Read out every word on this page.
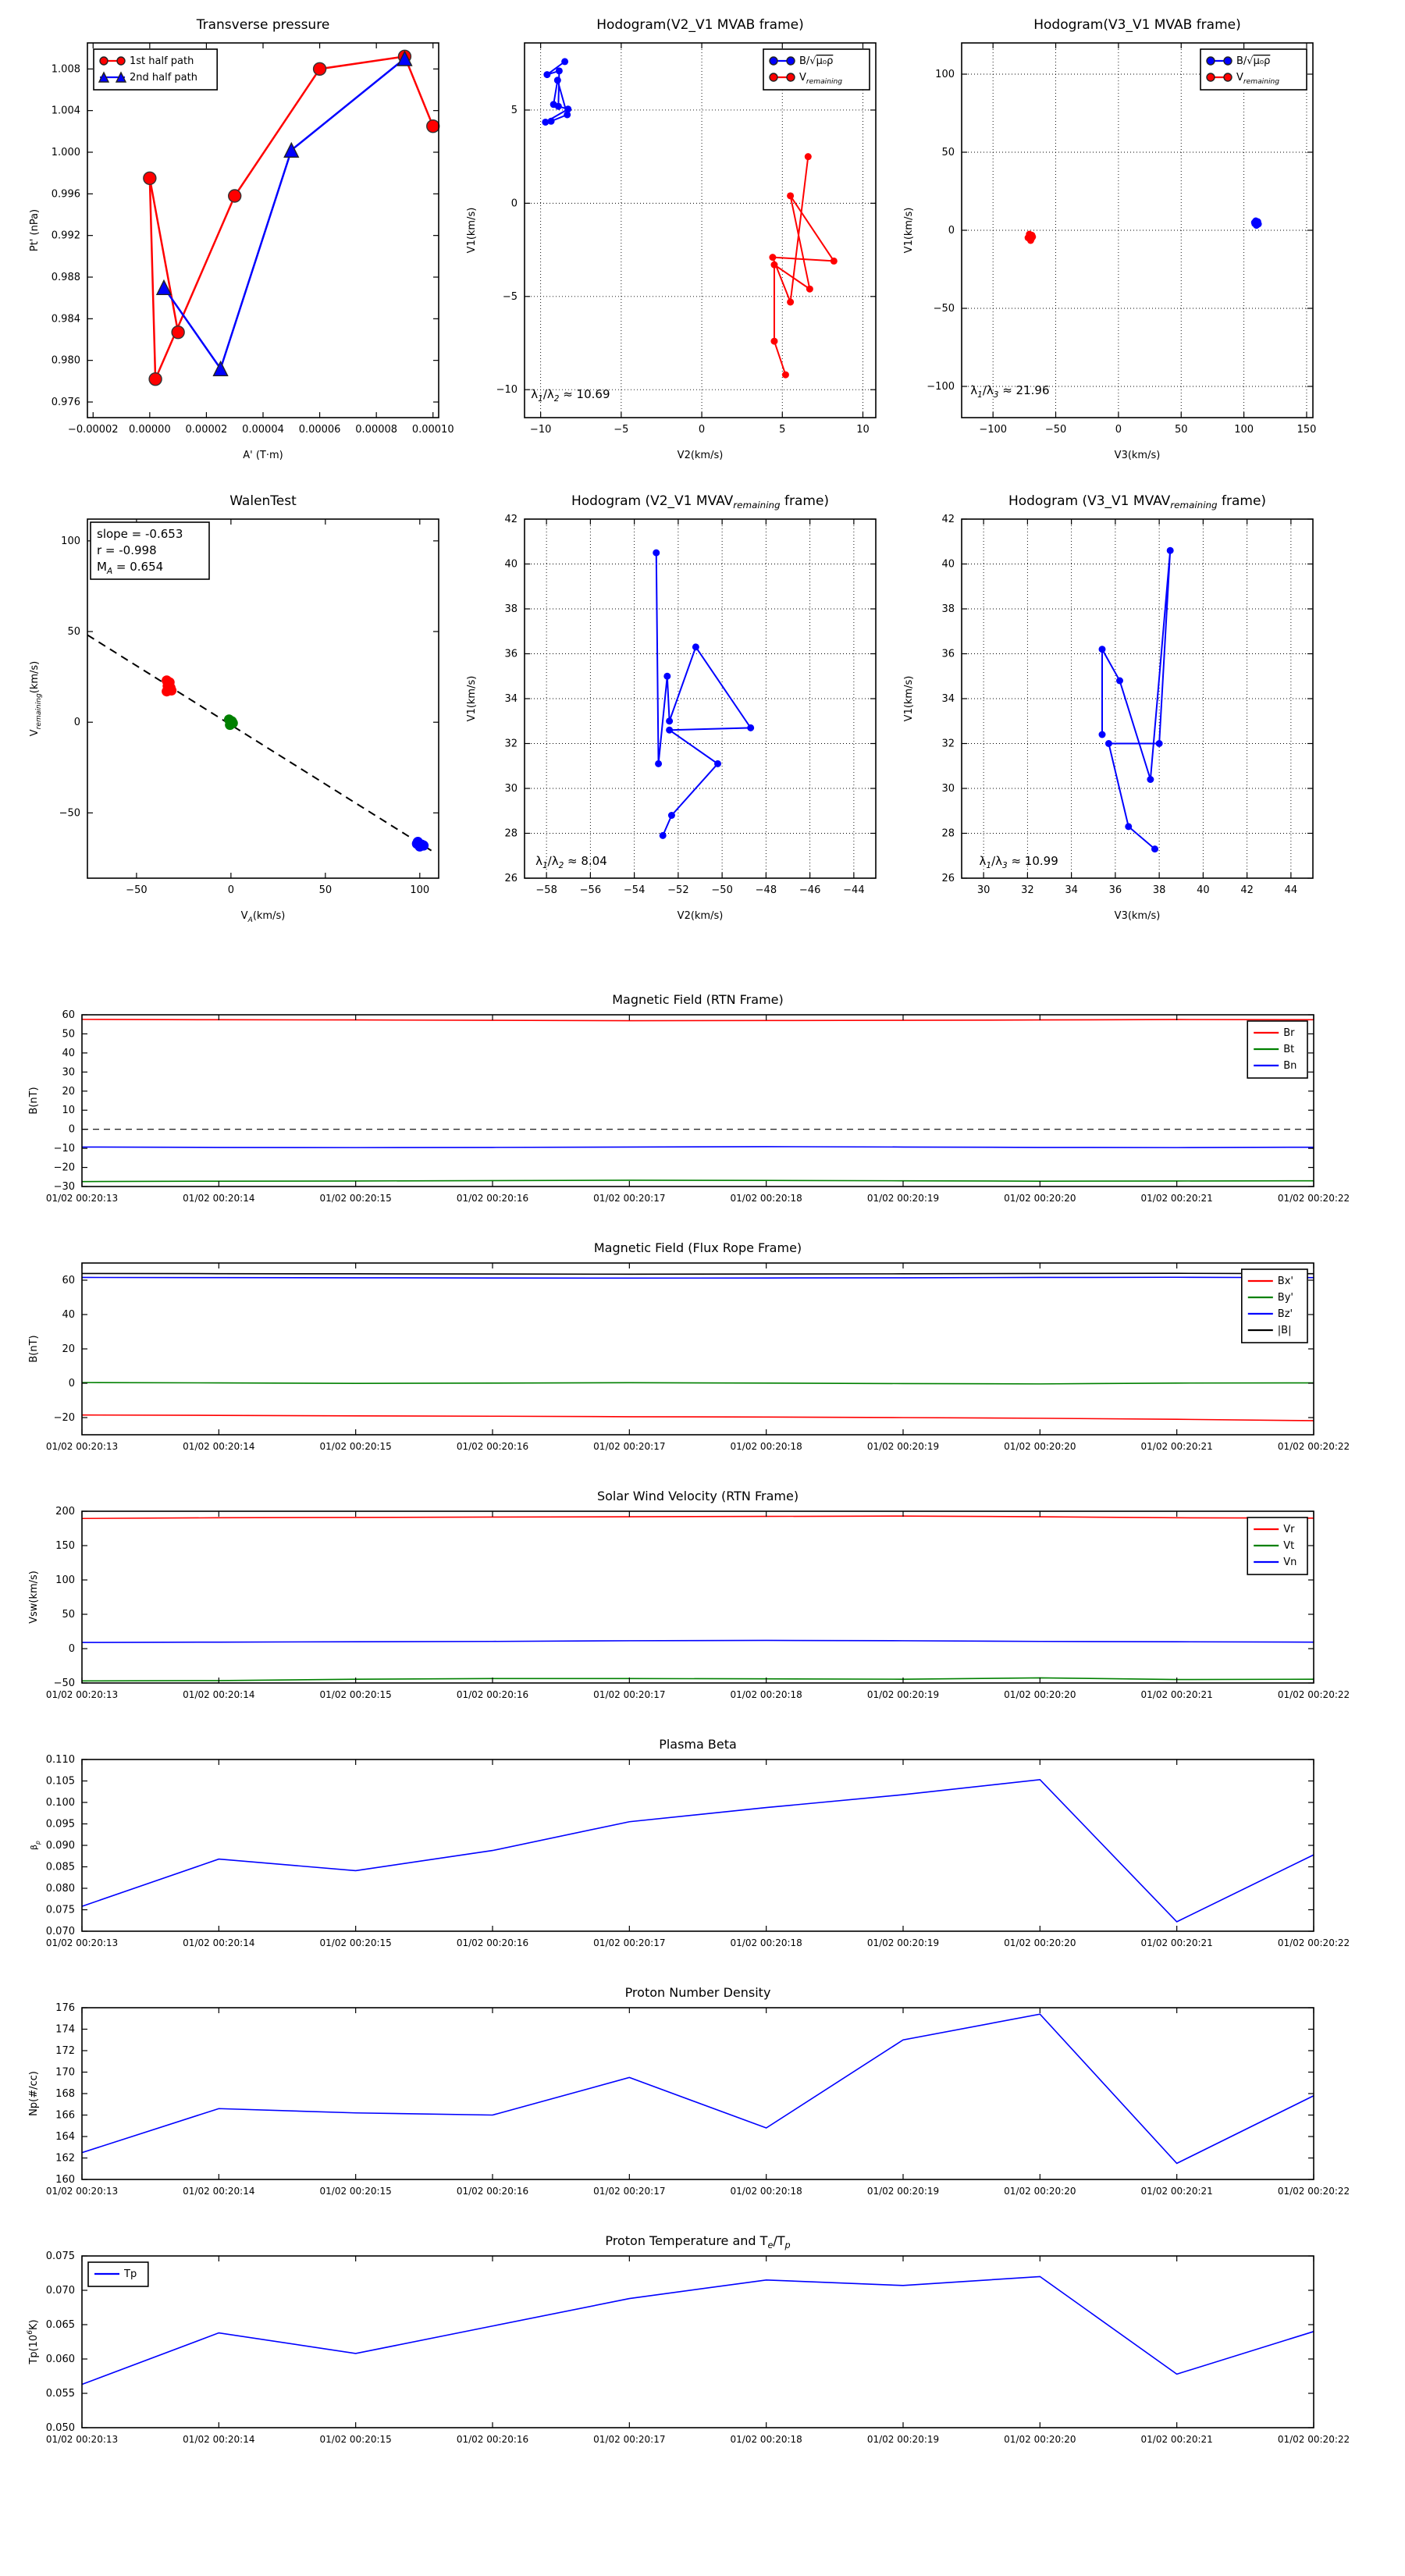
−0.00002 0.00000 0.00002 0.00004 0.00006 0.00008 0.00010
0.976
0.980
0.984
0.988
0.992
0.996
1.000
1.004
1.008
Transverse pressure
A' (T·m)
Pt' (nPa)
1st half path
2nd half path
−10	−5	0	5	10
−10
−5
0
5
Hodogram(V2_V1 MVAB frame)
V2(km/s)
V1(km/s)
$\lambda_1/\lambda_2 \approx 10.69$
B/√μ₀ρ
$V_{remaining}$
−100	−50	0	50	100	150
−100
−50
0
50
100
Hodogram(V3_V1 MVAB frame)
V3(km/s)
V1(km/s)
$\lambda_1/\lambda_3 \approx 21.96$
B/√μ₀ρ
$V_{remaining}$
−50	0	50	100
−50
0
50
100
WalenTest
$V_A(km/s)$
$V_{remaining}(km/s)$
slope = -0.653
r = -0.998
$M_A = 0.654$
−58 −56 −54 −52 −50 −48 −46 −44
26
28
30
32
34
36
38
40
42
Hodogram (V2_V1 $MVAV_{remaining}$ frame)
V2(km/s)
V1(km/s)
$\lambda_1/\lambda_2 \approx 8.04$
30	32	34	36	38	40	42	44
26
28
30
32
34
36
38
40
42
Hodogram (V3_V1 $MVAV_{remaining}$ frame)
V3(km/s)
V1(km/s)
$\lambda_1/\lambda_3 \approx 10.99$
01/02 00:20:13	01/02 00:20:14	01/02 00:20:15	01/02 00:20:16	01/02 00:20:17	01/02 00:20:18	01/02 00:20:19	01/02 00:20:20	01/02 00:20:21	01/02 00:20:22
−30
−20
−10
0
10
20
30
40
50
60
Magnetic Field (RTN Frame)
B(nT)
Br
Bt
Bn
01/02 00:20:13	01/02 00:20:14	01/02 00:20:15	01/02 00:20:16	01/02 00:20:17	01/02 00:20:18	01/02 00:20:19	01/02 00:20:20	01/02 00:20:21	01/02 00:20:22
−20
0
20
40
60
Magnetic Field (Flux Rope Frame)
B(nT)
Bx'
By'
Bz'
|B|
01/02 00:20:13	01/02 00:20:14	01/02 00:20:15	01/02 00:20:16	01/02 00:20:17	01/02 00:20:18	01/02 00:20:19	01/02 00:20:20	01/02 00:20:21	01/02 00:20:22
−50
0
50
100
150
200
Solar Wind Velocity (RTN Frame)
Vsw(km/s)
Vr
Vt
Vn
01/02 00:20:13	01/02 00:20:14	01/02 00:20:15	01/02 00:20:16	01/02 00:20:17	01/02 00:20:18	01/02 00:20:19	01/02 00:20:20	01/02 00:20:21	01/02 00:20:22
0.070
0.075
0.080
0.085
0.090
0.095
0.100
0.105
0.110
Plasma Beta
$\beta_p$
01/02 00:20:13	01/02 00:20:14	01/02 00:20:15	01/02 00:20:16	01/02 00:20:17	01/02 00:20:18	01/02 00:20:19	01/02 00:20:20	01/02 00:20:21	01/02 00:20:22
160
162
164
166
168
170
172
174
176
Proton Number Density
Np(#/cc)
01/02 00:20:13	01/02 00:20:14	01/02 00:20:15	01/02 00:20:16	01/02 00:20:17	01/02 00:20:18	01/02 00:20:19	01/02 00:20:20	01/02 00:20:21	01/02 00:20:22
0.050
0.055
0.060
0.065
0.070
0.075
Proton Temperature and $T_e/T_p$
$Tp(10^6K)$
Tp
